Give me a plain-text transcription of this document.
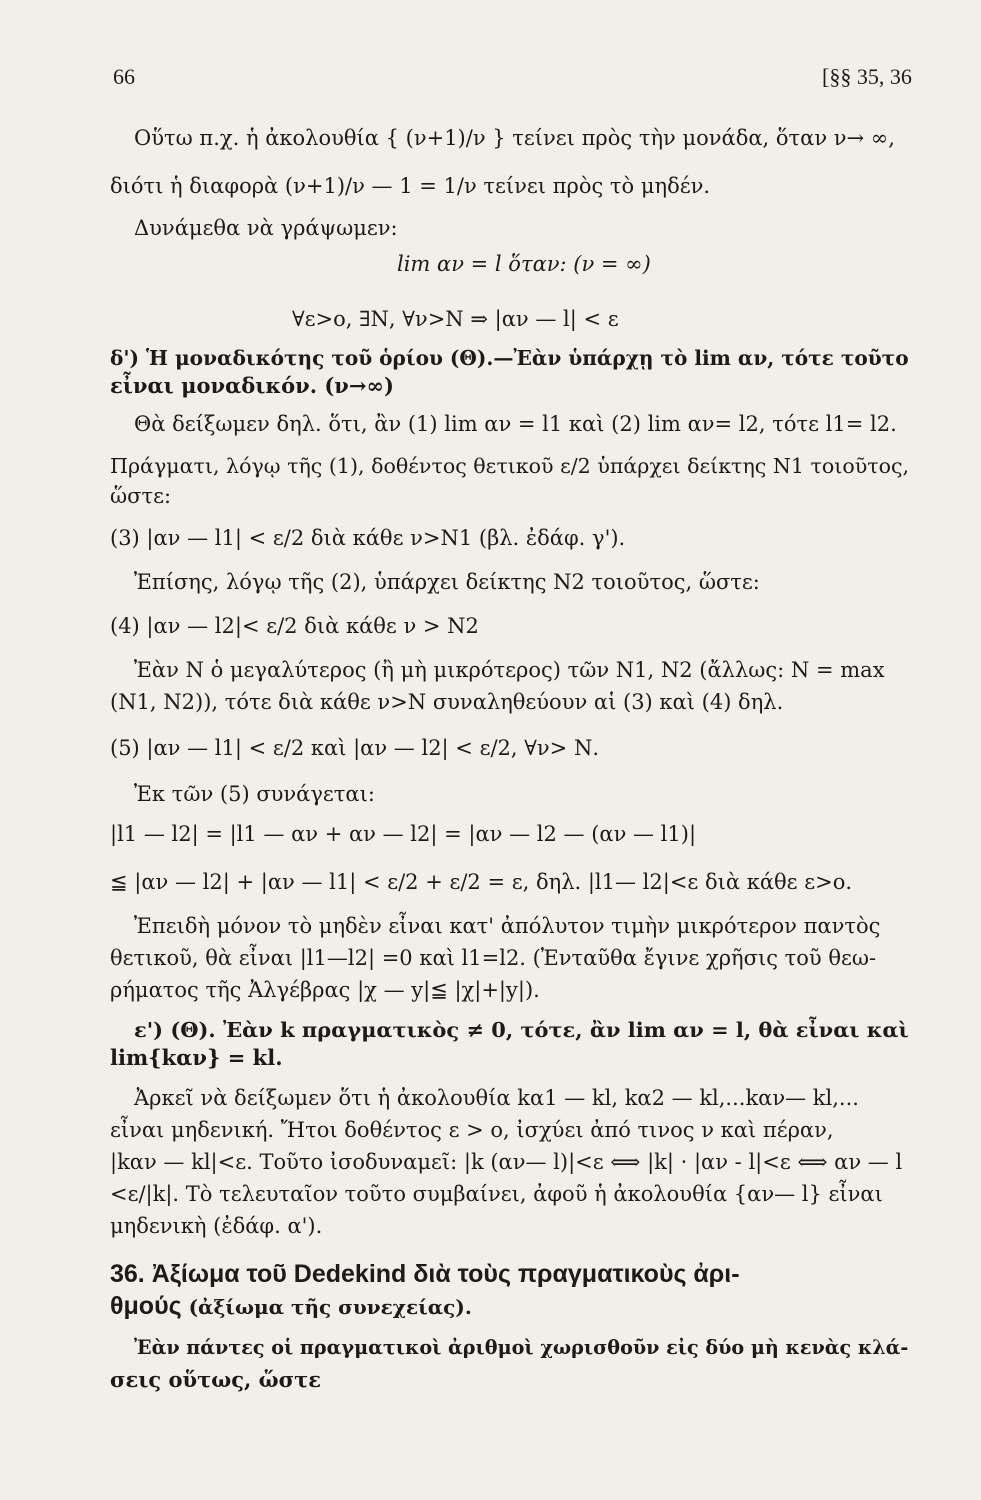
66	[§§ 35, 36
Οὕτω π.χ. ἡ ἀκολουθία { (ν+1)/ν } τείνει πρὸς τὴν μονάδα, ὅταν ν→ ∞,
διότι ἡ διαφορὰ (ν+1)/ν — 1 = 1/ν τείνει πρὸς τὸ μηδέν.
Δυνάμεθα νὰ γράψωμεν:
lim αν = l ὅταν: (ν = ∞)
∀ε>ο, ∃Ν, ∀ν>Ν ⇒ |αν — l| < ε
δ') Ἡ μοναδικότης τοῦ ὁρίου (Θ).—Ἐὰν ὑπάρχῃ τὸ lim αν, τότε τοῦτο
εἶναι μοναδικόν. (ν→∞)
Θὰ δείξωμεν δηλ. ὅτι, ἂν (1) lim αν = l1 καὶ (2) lim αν= l2, τότε l1= l2.
Πράγματι, λόγῳ τῆς (1), δοθέντος θετικοῦ ε/2 ὑπάρχει δείκτης Ν1 τοιοῦτος,
ὥστε:
(3) |αν — l1| < ε/2 διὰ κάθε ν>Ν1 (βλ. ἐδάφ. γ').
Ἐπίσης, λόγῳ τῆς (2), ὑπάρχει δείκτης Ν2 τοιοῦτος, ὥστε:
(4) |αν — l2|< ε/2 διὰ κάθε ν > Ν2
Ἐὰν Ν ὁ μεγαλύτερος (ἢ μὴ μικρότερος) τῶν Ν1, Ν2 (ἄλλως: Ν = max
(Ν1, Ν2)), τότε διὰ κάθε ν>Ν συναληθεύουν αἱ (3) καὶ (4) δηλ.
(5) |αν — l1| < ε/2 καὶ |αν — l2| < ε/2, ∀ν> Ν.
Ἐκ τῶν (5) συνάγεται:
|l1 — l2| = |l1 — αν + αν — l2| = |αν — l2 — (αν — l1)|
≦ |αν — l2| + |αν — l1| < ε/2 + ε/2 = ε, δηλ. |l1— l2|<ε διὰ κάθε ε>ο.
Ἐπειδὴ μόνον τὸ μηδὲν εἶναι κατ' ἀπόλυτον τιμὴν μικρότερον παντὸς
θετικοῦ, θὰ εἶναι |l1—l2| =0 καὶ l1=l2. (Ἐνταῦθα ἔγινε χρῆσις τοῦ θεω-
ρήματος τῆς Ἀλγέβρας |χ — y|≦ |χ|+|y|).
ε') (Θ). Ἐὰν k πραγματικὸς ≠ 0, τότε, ἂν lim αν = l, θὰ εἶναι καὶ
lim{kαν} = kl.
Ἀρκεῖ νὰ δείξωμεν ὅτι ἡ ἀκολουθία kα1 — kl, kα2 — kl,...kαν— kl,...
εἶναι μηδενική. Ἤτοι δοθέντος ε > ο, ἰσχύει ἀπό τινος ν καὶ πέραν,
|kαν — kl|<ε. Τοῦτο ἰσοδυναμεῖ: |k (αν— l)|<ε ⟺ |k| · |αν - l|<ε ⟺ αν — l
<ε/|k|. Τὸ τελευταῖον τοῦτο συμβαίνει, ἀφοῦ ἡ ἀκολουθία {αν— l} εἶναι
μηδενικὴ (ἐδάφ. α').
36. Ἀξίωμα τοῦ Dedekind διὰ τοὺς πραγματικοὺς ἀρι-
θμούς (ἀξίωμα τῆς συνεχείας).
Ἐὰν πάντες οἱ πραγματικοὶ ἀριθμοὶ χωρισθοῦν εἰς δύο μὴ κενὰς κλά-
σεις οὕτως, ὥστε
